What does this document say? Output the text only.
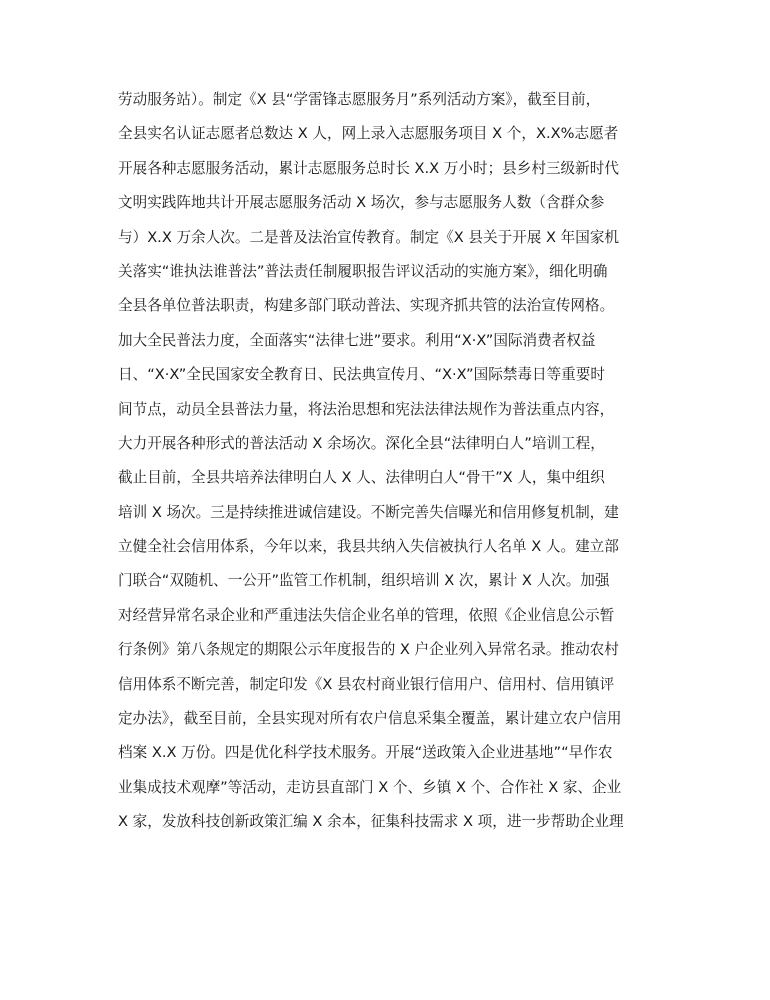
劳动服务站）。制定《X 县“学雷锋志愿服务月”系列活动方案》，截至目前，
全县实名认证志愿者总数达 X 人，网上录入志愿服务项目 X 个，X.X%志愿者
开展各种志愿服务活动，累计志愿服务总时长 X.X 万小时；县乡村三级新时代
文明实践阵地共计开展志愿服务活动 X 场次，参与志愿服务人数（含群众参
与）X.X 万余人次。二是普及法治宣传教育。制定《X 县关于开展 X 年国家机
关落实“谁执法谁普法”普法责任制履职报告评议活动的实施方案》，细化明确
全县各单位普法职责，构建多部门联动普法、实现齐抓共管的法治宣传网格。
加大全民普法力度，全面落实“法律七进”要求。利用“X·X”国际消费者权益
日、“X·X”全民国家安全教育日、民法典宣传月、“X·X”国际禁毒日等重要时
间节点，动员全县普法力量，将法治思想和宪法法律法规作为普法重点内容，
大力开展各种形式的普法活动 X 余场次。深化全县“法律明白人”培训工程，
截止目前，全县共培养法律明白人 X 人、法律明白人“骨干”X 人，集中组织
培训 X 场次。三是持续推进诚信建设。不断完善失信曝光和信用修复机制，建
立健全社会信用体系，今年以来，我县共纳入失信被执行人名单 X 人。建立部
门联合“双随机、一公开”监管工作机制，组织培训 X 次，累计 X 人次。加强
对经营异常名录企业和严重违法失信企业名单的管理，依照《企业信息公示暂
行条例》第八条规定的期限公示年度报告的 X 户企业列入异常名录。推动农村
信用体系不断完善，制定印发《X 县农村商业银行信用户、信用村、信用镇评
定办法》，截至目前，全县实现对所有农户信息采集全覆盖，累计建立农户信用
档案 X.X 万份。四是优化科学技术服务。开展“送政策入企业进基地”“早作农
业集成技术观摩”等活动，走访县直部门 X 个、乡镇 X 个、合作社 X 家、企业
X 家，发放科技创新政策汇编 X 余本，征集科技需求 X 项，进一步帮助企业理
